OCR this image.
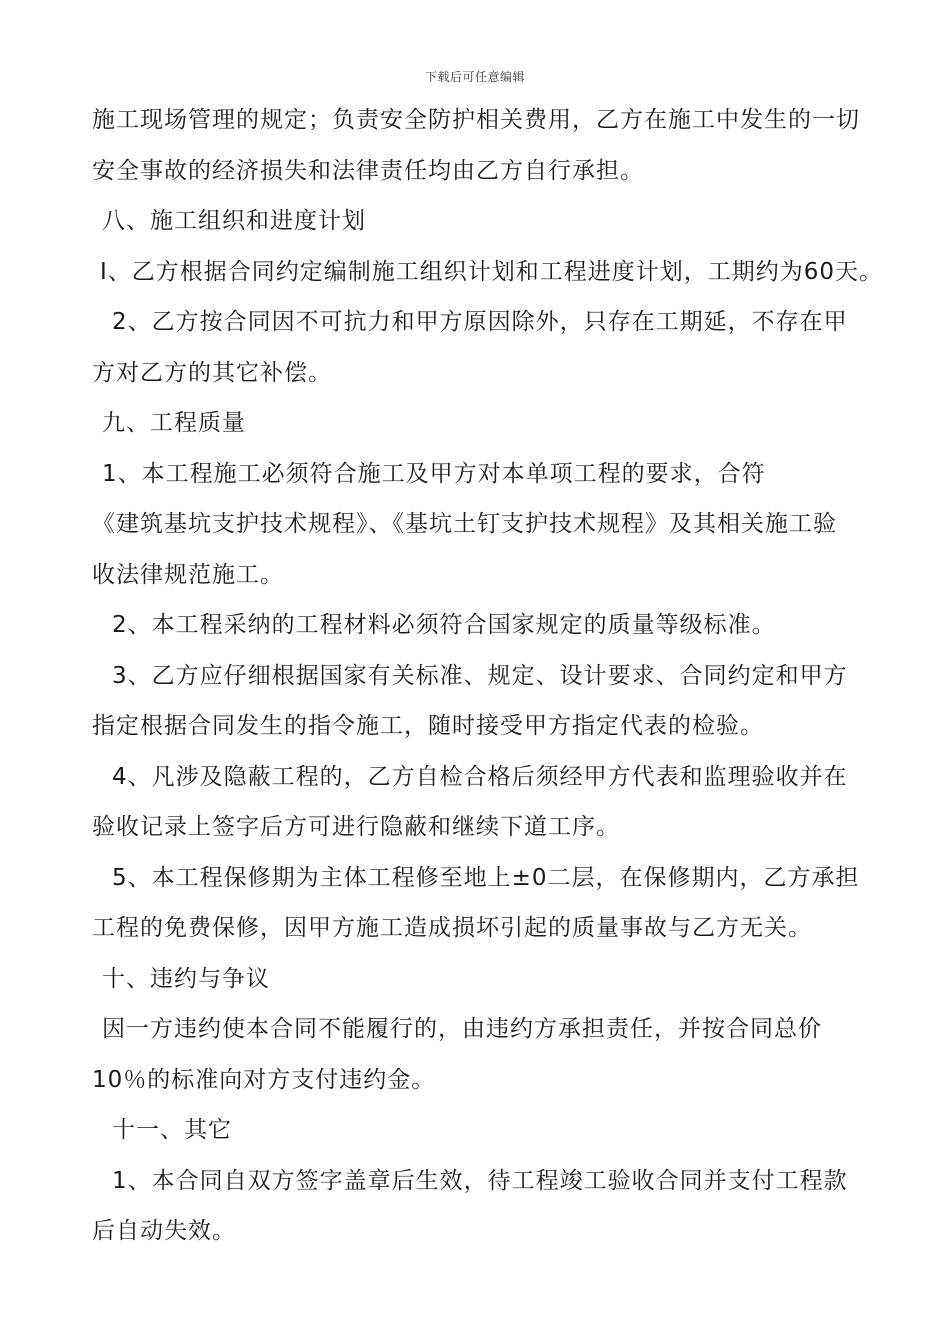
下载后可任意编辑
施工现场管理的规定；负责安全防护相关费用，乙方在施工中发生的一切
安全事故的经济损失和法律责任均由乙方自行承担。
八、施工组织和进度计划
I、乙方根据合同约定编制施工组织计划和工程进度计划，工期约为60天。
2、乙方按合同因不可抗力和甲方原因除外，只存在工期延，不存在甲
方对乙方的其它补偿。
九、工程质量
1、本工程施工必须符合施工及甲方对本单项工程的要求，合符
《建筑基坑支护技术规程》、《基坑土钉支护技术规程》及其相关施工验
收法律规范施工。
2、本工程采纳的工程材料必须符合国家规定的质量等级标准。
3、乙方应仔细根据国家有关标准、规定、设计要求、合同约定和甲方
指定根据合同发生的指令施工，随时接受甲方指定代表的检验。
4、凡涉及隐蔽工程的，乙方自检合格后须经甲方代表和监理验收并在
验收记录上签字后方可进行隐蔽和继续下道工序。
5、本工程保修期为主体工程修至地上±0二层，在保修期内，乙方承担
工程的免费保修，因甲方施工造成损坏引起的质量事故与乙方无关。
十、违约与争议
因一方违约使本合同不能履行的，由违约方承担责任，并按合同总价
10％的标准向对方支付违约金。
十一、其它
1、本合同自双方签字盖章后生效，待工程竣工验收合同并支付工程款
后自动失效。
